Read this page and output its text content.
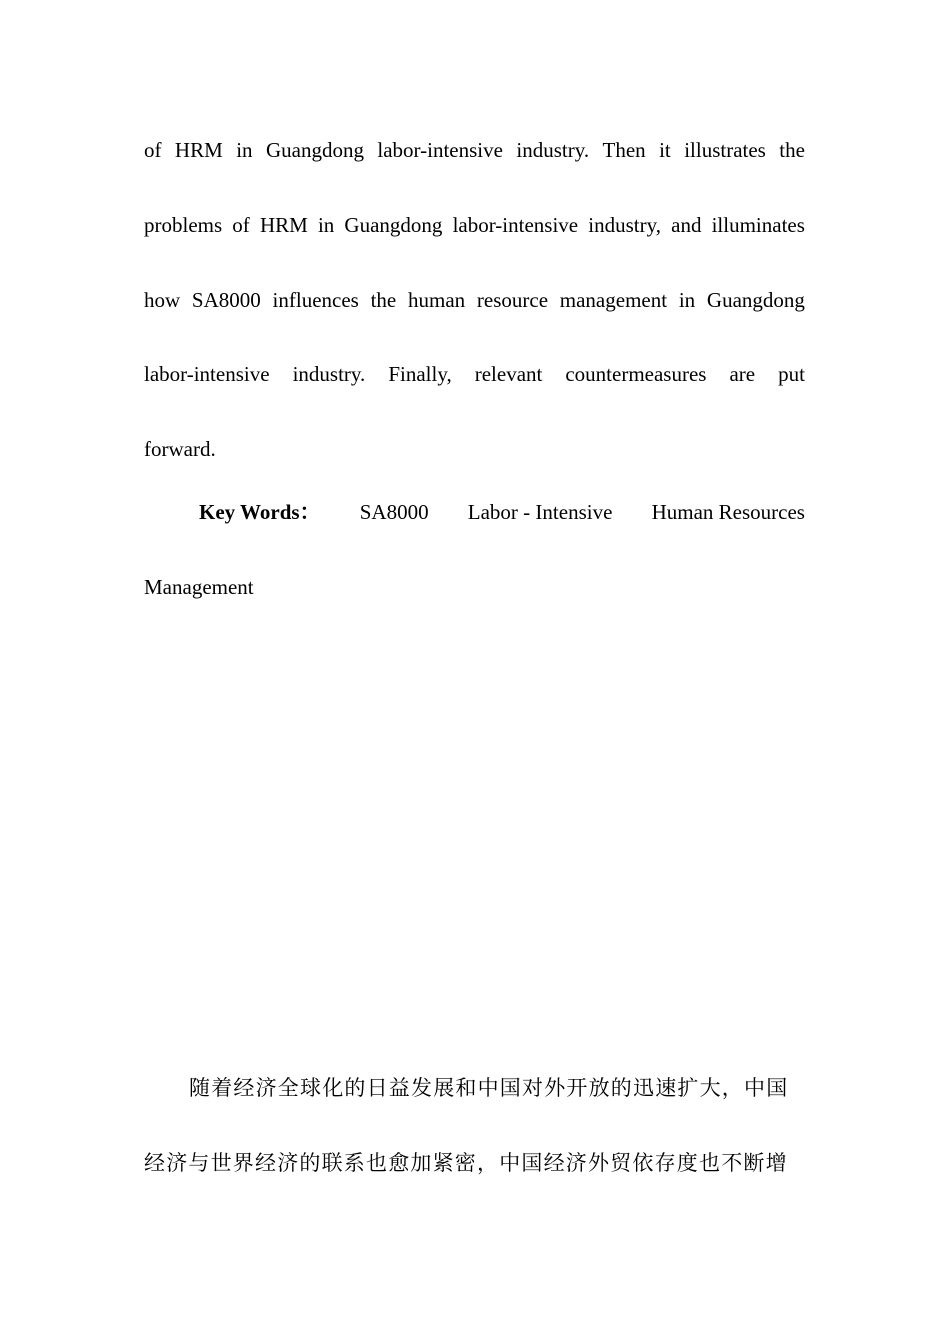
of HRM in Guangdong labor-intensive industry. Then it illustrates the
problems of HRM in Guangdong labor-intensive industry, and illuminates
how SA8000 influences the human resource management in Guangdong
labor-intensive industry. Finally, relevant countermeasures are put
forward.
Key Words： SA8000 Labor - Intensive Human Resources
Management
随着经济全球化的日益发展和中国对外开放的迅速扩大，中国
经济与世界经济的联系也愈加紧密，中国经济外贸依存度也不断增
